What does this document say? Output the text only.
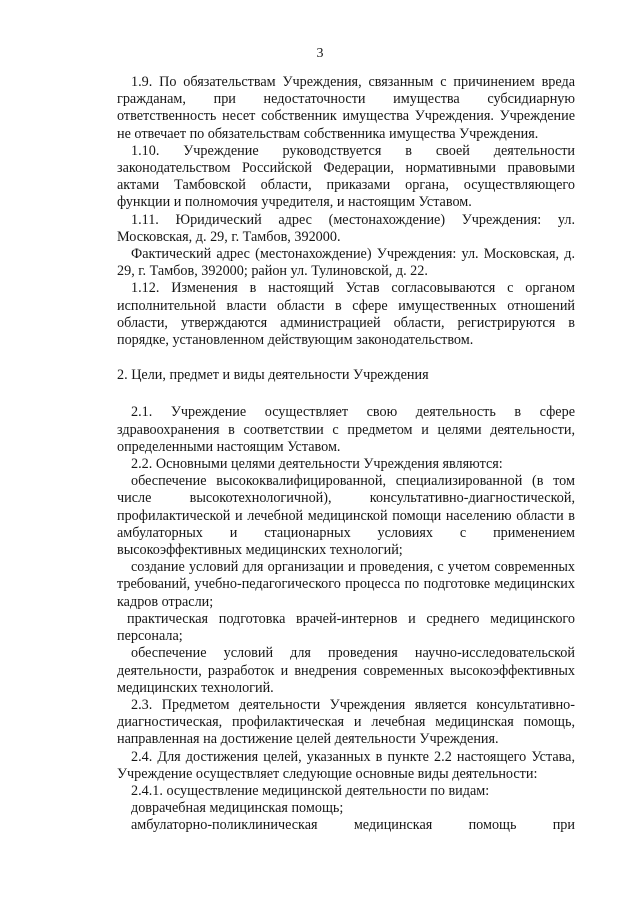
3

1.9. По обязательствам Учреждения, связанным с причинением вреда гражданам, при недостаточности имущества субсидиарную ответственность несет собственник имущества Учреждения. Учреждение не отвечает по обязательствам собственника имущества Учреждения.

1.10. Учреждение руководствуется в своей деятельности законодательством Российской Федерации, нормативными правовыми актами Тамбовской области, приказами органа, осуществляющего функции и полномочия учредителя, и настоящим Уставом.

1.11. Юридический адрес (местонахождение) Учреждения: ул. Московская, д. 29, г. Тамбов, 392000.

Фактический адрес (местонахождение) Учреждения: ул. Московская, д. 29, г. Тамбов, 392000; район ул. Тулиновской, д. 22.

1.12. Изменения в настоящий Устав согласовываются с органом исполнительной власти области в сфере имущественных отношений области, утверждаются администрацией области, регистрируются в порядке, установленном действующим законодательством.

2. Цели, предмет и виды деятельности Учреждения

2.1. Учреждение осуществляет свою деятельность в сфере здравоохранения в соответствии с предметом и целями деятельности, определенными настоящим Уставом.

2.2. Основными целями деятельности Учреждения являются:

обеспечение высококвалифицированной, специализированной (в том числе высокотехнологичной), консультативно-диагностической, профилактической и лечебной медицинской помощи населению области в амбулаторных и стационарных условиях с применением высокоэффективных медицинских технологий;

создание условий для организации и проведения, с учетом современных требований, учебно-педагогического процесса по подготовке медицинских кадров отрасли;

практическая подготовка врачей-интернов и среднего медицинского персонала;

обеспечение условий для проведения научно-исследовательской деятельности, разработок и внедрения современных высокоэффективных медицинских технологий.

2.3. Предметом деятельности Учреждения является консультативно-диагностическая, профилактическая и лечебная медицинская помощь, направленная на достижение целей деятельности Учреждения.

2.4. Для достижения целей, указанных в пункте 2.2 настоящего Устава, Учреждение осуществляет следующие основные виды деятельности:

2.4.1. осуществление медицинской деятельности по видам:

доврачебная медицинская помощь;

амбулаторно-поликлиническая медицинская помощь при
